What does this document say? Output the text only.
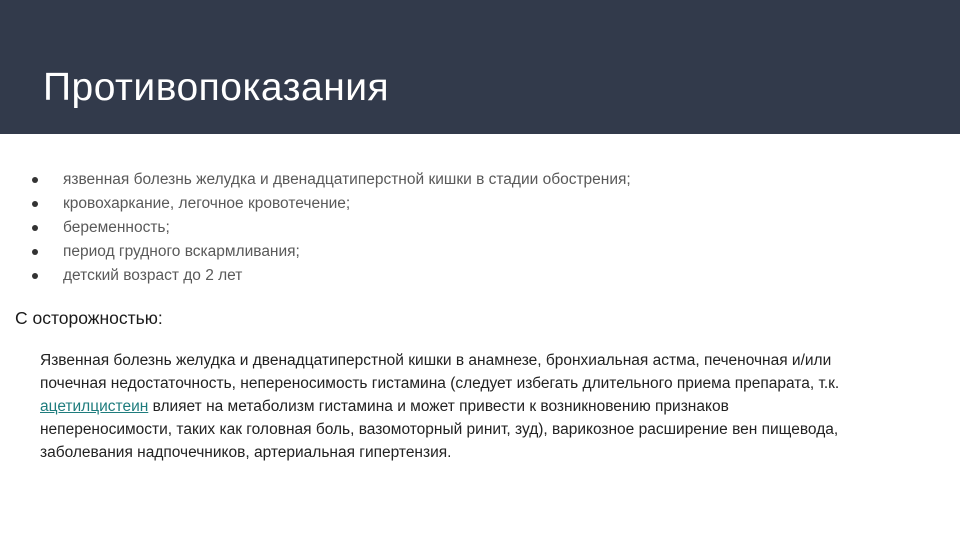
Противопоказания
язвенная болезнь желудка и двенадцатиперстной кишки в стадии обострения;
кровохаркание, легочное кровотечение;
беременность;
период грудного вскармливания;
детский возраст до 2 лет
С осторожностью:
Язвенная болезнь желудка и двенадцатиперстной кишки в анамнезе, бронхиальная астма, печеночная и/или
почечная недостаточность, непереносимость гистамина (следует избегать длительного приема препарата, т.к.
ацетилцистеин влияет на метаболизм гистамина и может привести к возникновению признаков
непереносимости, таких как головная боль, вазомоторный ринит, зуд), варикозное расширение вен пищевода,
заболевания надпочечников, артериальная гипертензия.
